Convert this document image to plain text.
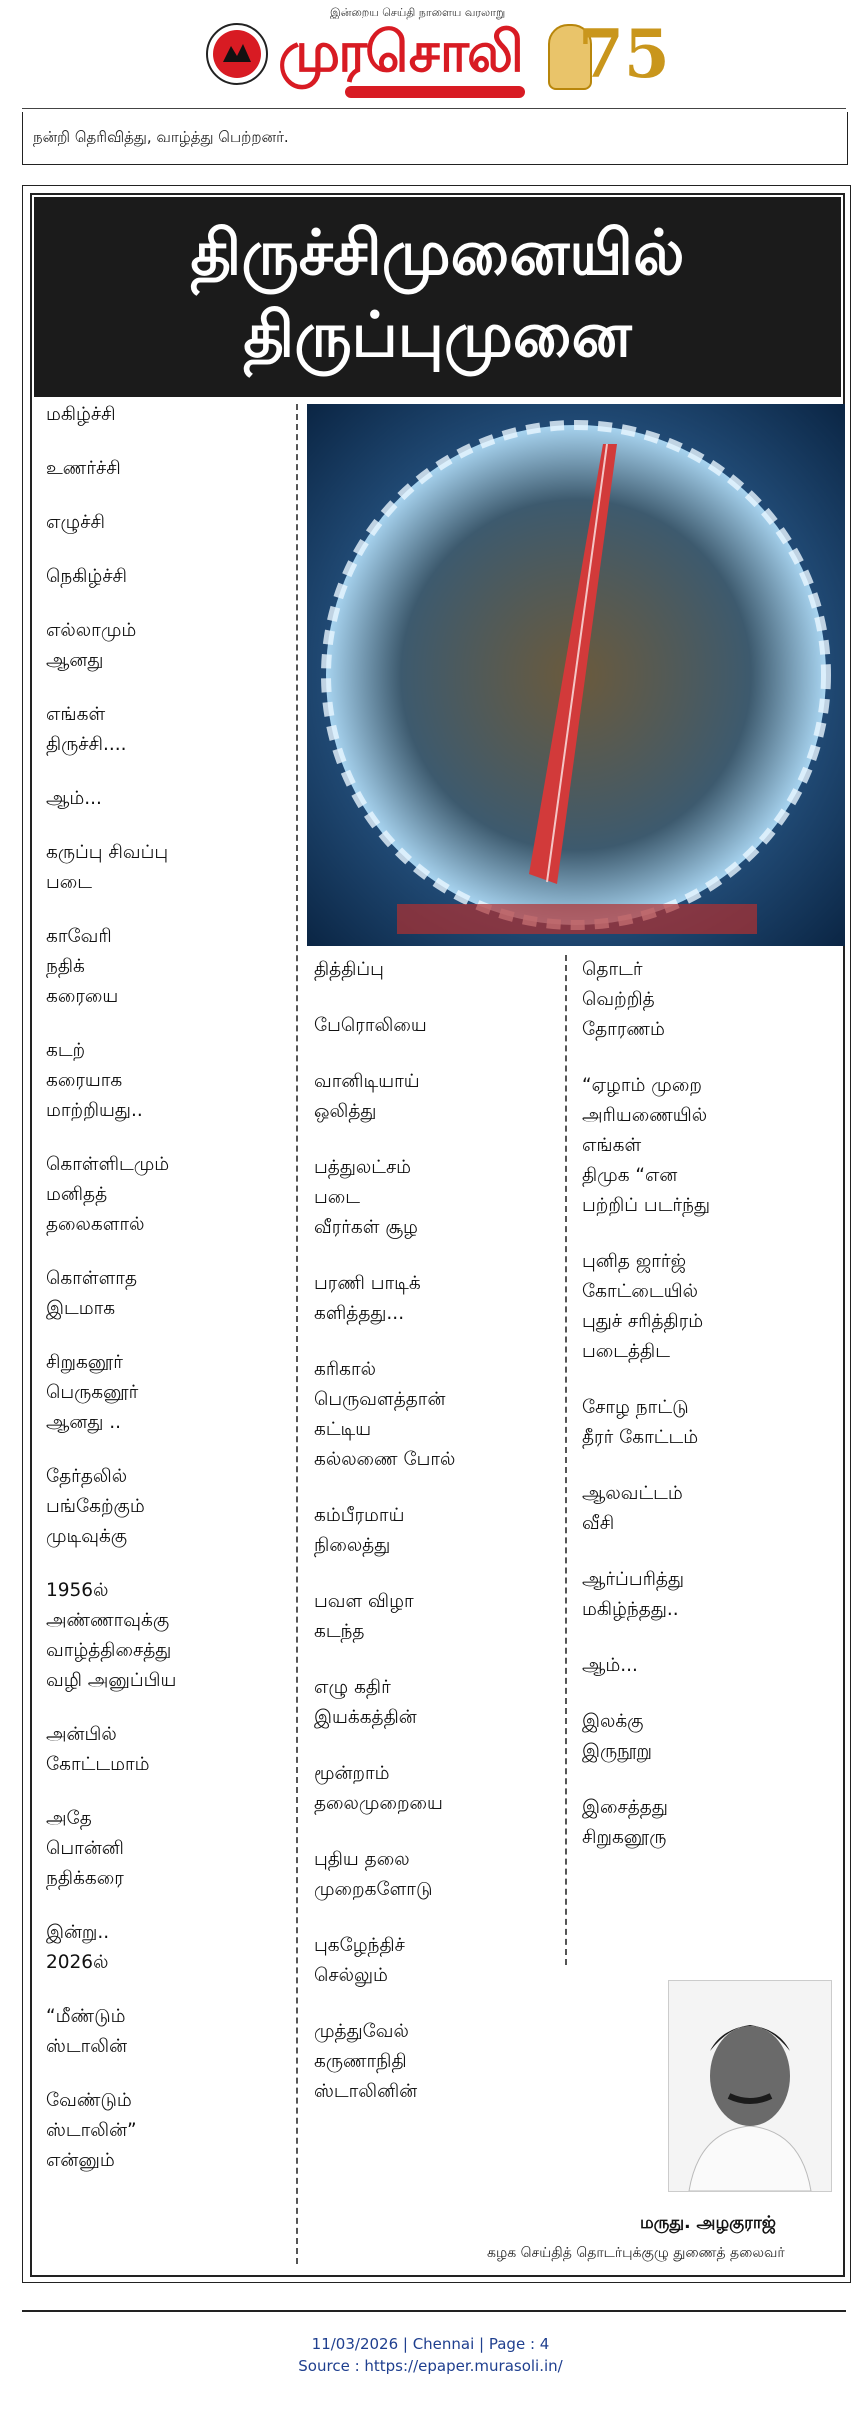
இன்றைய செய்தி நாளைய வரலாறு
முரசொலி 75
நன்றி தெரிவித்து, வாழ்த்து பெற்றனர்.
திருச்சிமுனையில்
திருப்புமுனை
மகிழ்ச்சி
உணர்ச்சி
எழுச்சி
நெகிழ்ச்சி
எல்லாமும்
ஆனது
எங்கள்
திருச்சி....
ஆம்...
கருப்பு சிவப்பு
படை
காவேரி
நதிக்
கரையை
கடற்
கரையாக
மாற்றியது..
கொள்ளிடமும்
மனிதத்
தலைகளால்
கொள்ளாத
இடமாக
சிறுகனூர்
பெருகனூர்
ஆனது ..
தேர்தலில்
பங்கேற்கும்
முடிவுக்கு
1956ல்
அண்ணாவுக்கு
வாழ்த்திசைத்து
வழி அனுப்பிய
அன்பில்
கோட்டமாம்
அதே
பொன்னி
நதிக்கரை
இன்று..
2026ல்
“மீண்டும்
ஸ்டாலின்
வேண்டும்
ஸ்டாலின்”
என்னும்
தித்திப்பு
பேரொலியை
வானிடியாய்
ஒலித்து
பத்துலட்சம்
படை
வீரர்கள் சூழ
பரணி பாடிக்
களித்தது...
கரிகால்
பெருவளத்தான்
கட்டிய
கல்லணை போல்
கம்பீரமாய்
நிலைத்து
பவள விழா
கடந்த
எழு கதிர்
இயக்கத்தின்
மூன்றாம்
தலைமுறையை
புதிய தலை
முறைகளோடு
புகழேந்திச்
செல்லும்
முத்துவேல்
கருணாநிதி
ஸ்டாலினின்
தொடர்
வெற்றித்
தோரணம்
“ஏழாம் முறை
அரியணையில்
எங்கள்
திமுக “என
பற்றிப் படர்ந்து
புனித ஜார்ஜ்
கோட்டையில்
புதுச் சரித்திரம்
படைத்திட
சோழ நாட்டு
தீரர் கோட்டம்
ஆலவட்டம்
வீசி
ஆர்ப்பரித்து
மகிழ்ந்தது..
ஆம்...
இலக்கு
இருநூறு
இசைத்தது
சிறுகனூரு
மருது. அழகுராஜ்
கழக செய்தித் தொடர்புக்குழு துணைத் தலைவர்
11/03/2026 | Chennai | Page : 4
Source : https://epaper.murasoli.in/
